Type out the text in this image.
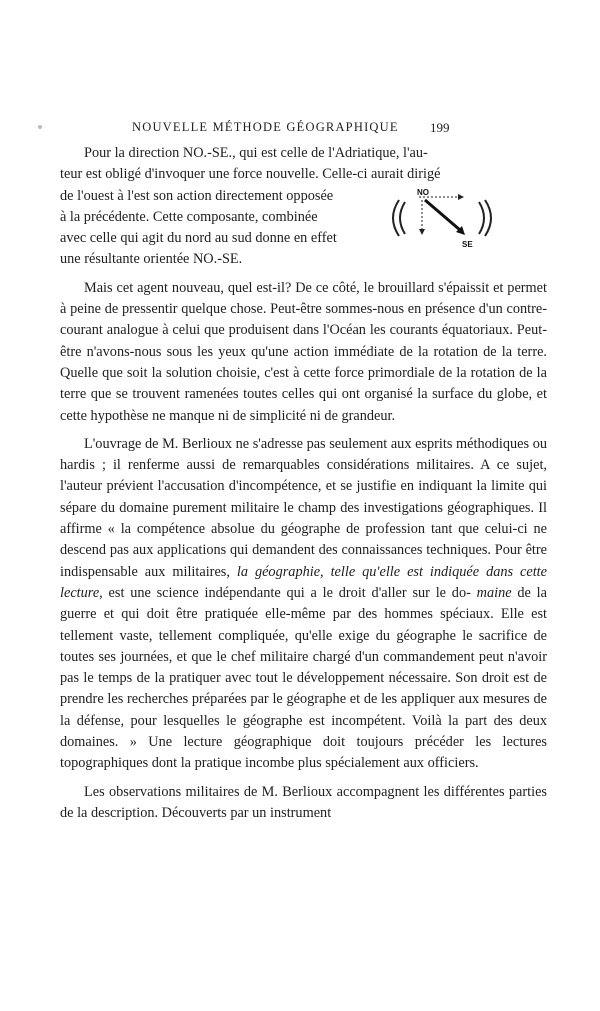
NOUVELLE MÉTHODE GÉOGRAPHIQUE	199
Pour la direction NO.-SE., qui est celle de l'Adriatique, l'au-
teur est obligé d'invoquer une force nouvelle. Celle-ci aurait dirigé
de l'ouest à l'est son action directement opposée
à la précédente. Cette composante, combinée
avec celle qui agit du nord au sud donne en effet
une résultante orientée NO.-SE.
NO
SE

Mais cet agent nouveau, quel est-il? De ce côté, le brouillard s'épaissit et permet à peine de pressentir quelque chose. Peut-être sommes-nous en présence d'un contre-courant analogue à celui que produisent dans l'Océan les courants équatoriaux. Peut-être n'avons-nous sous les yeux qu'une action immédiate de la rotation de la terre. Quelle que soit la solution choisie, c'est à cette force primordiale de la rotation de la terre que se trouvent ramenées toutes celles qui ont organisé la surface du globe, et cette hypothèse ne manque ni de simplicité ni de grandeur.

L'ouvrage de M. Berlioux ne s'adresse pas seulement aux esprits méthodiques ou hardis ; il renferme aussi de remarquables considérations militaires. A ce sujet, l'auteur prévient l'accusation d'incompétence, et se justifie en indiquant la limite qui sépare du domaine purement militaire le champ des investigations géographiques. Il affirme « la compétence absolue du géographe de profession tant que celui-ci ne descend pas aux applications qui demandent des connaissances techniques. Pour être indispensable aux militaires, la géographie, telle qu'elle est indiquée dans cette lecture, est une science indépendante qui a le droit d'aller sur le do- maine de la guerre et qui doit être pratiquée elle-même par des hommes spéciaux. Elle est tellement vaste, tellement compliquée, qu'elle exige du géographe le sacrifice de toutes ses journées, et que le chef militaire chargé d'un commandement peut n'avoir pas le temps de la pratiquer avec tout le développement nécessaire. Son droit est de prendre les recherches préparées par le géographe et de les appliquer aux mesures de la défense, pour lesquelles le géographe est incompétent. Voilà la part des deux domaines. » Une lecture géographique doit toujours précéder les lectures topographiques dont la pratique incombe plus spécialement aux officiers.

Les observations militaires de M. Berlioux accompagnent les différentes parties de la description. Découverts par un instrument
